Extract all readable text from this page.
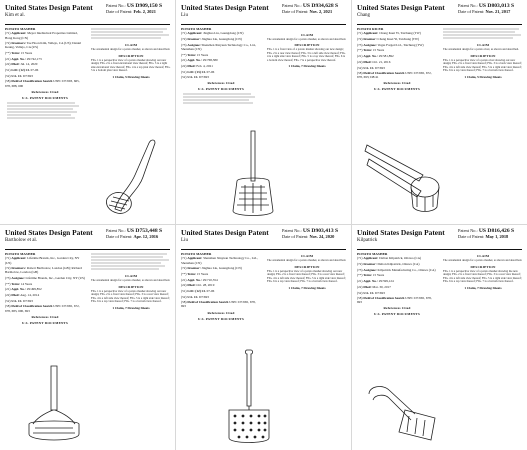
United States Design Patent
Kim et al.
Patent No.: US D909,150 S
Date of Patent: Feb. 2, 2021
POTATO MASHER
(71) Applicant: Meyer Intellectual Properties Limited, Hong Kong (CN)
(72) Inventors: Tae Hoon Kim, Vallejo, CA (US); Daniel Keung, Vallejo, CA (US)
(**) Term: 15 Years
(21) Appl. No.: 29/742,173
(22) Filed: Jul. 14, 2020
(51) LOC (12) Cl. 07-06
(52) U.S. Cl. D7/693
(58) Field of Classification Search USPC D7/693, 665, 678, 688, 690
References Cited
U.S. PATENT DOCUMENTS
CLAIM
The ornamental design for a potato masher, as shown and described.
DESCRIPTION
FIG. 1 is a perspective view of a potato masher showing our new design; FIG. 2 is a front elevational view thereof; FIG. 3 is a right side elevational view thereof; FIG. 4 is a top plan view thereof; FIG. 5 is a bottom plan view thereof.
1 Claim, 5 Drawing Sheets
United States Design Patent
Liu
Patent No.: US D934,628 S
Date of Patent: Nov. 2, 2021
POTATO MASHER
(71) Applicant: Jinghua Liu, Guangdong (CN)
(72) Inventor: Jinghua Liu, Guangdong (CN)
(73) Assignee: Shenzhen Xinyuan Technology Co., Ltd., Shenzhen (CN)
(**) Term: 15 Years
(21) Appl. No.: 29/768,380
(22) Filed: Feb. 4, 2021
(51) LOC (13) Cl. 07-06
(52) U.S. Cl. D7/693
References Cited
U.S. PATENT DOCUMENTS

CLAIM
The ornamental design for a potato masher, as shown and described.
DESCRIPTION
FIG. 1 is a front view of a potato masher showing our new design; FIG. 2 is a rear view thereof; FIG. 3 is a left side view thereof; FIG. 4 is a right side view thereof; FIG. 5 is a top view thereof; FIG. 6 is a bottom view thereof; FIG. 7 is a perspective view thereof.
1 Claim, 7 Drawing Sheets
United States Design Patent
Chang
Patent No.: US D803,013 S
Date of Patent: Nov. 21, 2017
POTATO RICER
(71) Applicant: Chang Kuei Yi, Taichung (TW)
(72) Inventor: Chang Kuei Yi, Taichung (TW)
(73) Assignee: Vegas Forged Ltd., Taichung (TW)
(**) Term: 15 Years
(21) Appl. No.: 29/581,892
(22) Filed: Oct. 21, 2016
(52) U.S. Cl. D7/693
(58) Field of Classification Search USPC D7/665, 672, 678, 693; D8/41
References Cited
U.S. PATENT DOCUMENTS
CLAIM
The ornamental design for a potato ricer, as shown and described.
DESCRIPTION
FIG. 1 is a perspective view of a potato ricer showing our new design; FIG. 2 is a front view thereof; FIG. 3 is a back view thereof; FIG. 4 is a left side view thereof; FIG. 5 is a right side view thereof; FIG. 6 is a top view thereof; FIG. 7 is a bottom view thereof.
1 Claim, 5 Drawing Sheets
United States Design Patent
Bartholow et al.
Patent No.: US D753,448 S
Date of Patent: Apr. 12, 2016
POTATO MASHER
(71) Applicant: Lifetime Brands, Inc., Garden City, NY (US)
(72) Inventors: Robert Bartholow, London (GB); Richard Bartholow, London (GB)
(73) Assignee: Lifetime Brands, Inc., Garden City, NY (US)
(**) Term: 14 Years
(21) Appl. No.: 29/499,852
(22) Filed: Aug. 14, 2014
(52) U.S. Cl. D7/693
(58) Field of Classification Search USPC D7/665, 672, 678, 683, 690, 693
References Cited
U.S. PATENT DOCUMENTS
CLAIM
The ornamental design for a potato masher, as shown and described.
DESCRIPTION
FIG. 1 is a perspective view of a potato masher showing our new design; FIG. 2 is a front view thereof; FIG. 3 is a rear view thereof; FIG. 4 is a left side view thereof; FIG. 5 is a right side view thereof; FIG. 6 is a top view thereof; FIG. 7 is a bottom view thereof.
1 Claim, 7 Drawing Sheets
United States Design Patent
Liu
Patent No.: US D903,413 S
Date of Patent: Nov. 24, 2020
POTATO MASHER
(71) Applicant: Shenzhen Xinyuan Technology Co., Ltd., Shenzhen (CN)
(72) Inventor: Jinghua Liu, Guangdong (CN)
(**) Term: 15 Years
(21) Appl. No.: 29/710,354
(22) Filed: Oct. 28, 2019
(51) LOC (12) Cl. 07-06
(52) U.S. Cl. D7/693
(58) Field of Classification Search USPC D7/665, 678, 693
References Cited
U.S. PATENT DOCUMENTS
CLAIM
The ornamental design for a potato masher, as shown and described.
DESCRIPTION
FIG. 1 is a perspective view of a potato masher showing our new design; FIG. 2 is a front view thereof; FIG. 3 is a rear view thereof; FIG. 4 is a left side view thereof; FIG. 5 is a right side view thereof; FIG. 6 is a top view thereof; FIG. 7 is a bottom view thereof.
1 Claim, 7 Drawing Sheets
United States Design Patent
Kilpatrick
Patent No.: US D816,426 S
Date of Patent: May 1, 2018
POTATO MASHER
(71) Applicant: Dalton Kilpatrick, Ottawa (CA)
(72) Inventor: Dalton Kilpatrick, Ottawa (CA)
(73) Assignee: Kilpatrick Manufacturing Co., Ottawa (CA)
(**) Term: 15 Years
(21) Appl. No.: 29/599,124
(22) Filed: Mar. 30, 2017
(52) U.S. Cl. D7/693
(58) Field of Classification Search USPC D7/665, 678, 693
References Cited
U.S. PATENT DOCUMENTS
CLAIM
The ornamental design for a potato masher, as shown and described.
DESCRIPTION
FIG. 1 is a perspective view of a potato masher showing the new design; FIG. 2 is a front view thereof; FIG. 3 is a rear view thereof; FIG. 4 is a left side view thereof; FIG. 5 is a right side view thereof; FIG. 6 is a top view thereof; FIG. 7 is a bottom view thereof.
1 Claim, 7 Drawing Sheets
